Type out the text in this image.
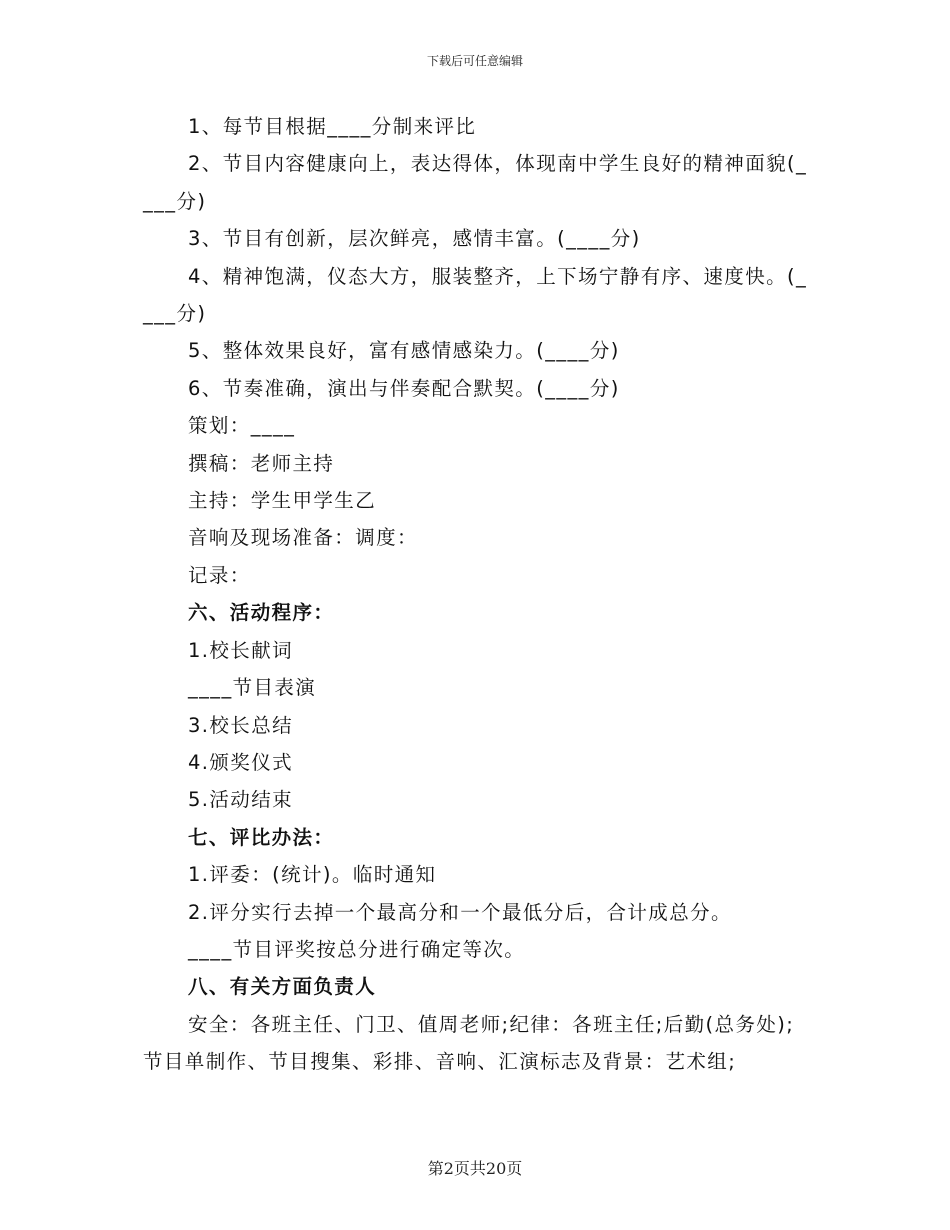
下载后可任意编辑

1、每节目根据____分制来评比

2、节目内容健康向上，表达得体，体现南中学生良好的精神面貌(____分)

3、节目有创新，层次鲜亮，感情丰富。(____分)

4、精神饱满，仪态大方，服装整齐，上下场宁静有序、速度快。(____分)

5、整体效果良好，富有感情感染力。(____分)

6、节奏准确，演出与伴奏配合默契。(____分)

策划：____

撰稿：老师主持

主持：学生甲学生乙

音响及现场准备：调度：

记录：

六、活动程序：

1.校长献词

____节目表演

3.校长总结

4.颁奖仪式

5.活动结束

七、评比办法：

1.评委：(统计)。临时通知

2.评分实行去掉一个最高分和一个最低分后，合计成总分。

____节目评奖按总分进行确定等次。

八、有关方面负责人

安全：各班主任、门卫、值周老师;纪律：各班主任;后勤(总务处);节目单制作、节目搜集、彩排、音响、汇演标志及背景：艺术组;

第2页共20页
